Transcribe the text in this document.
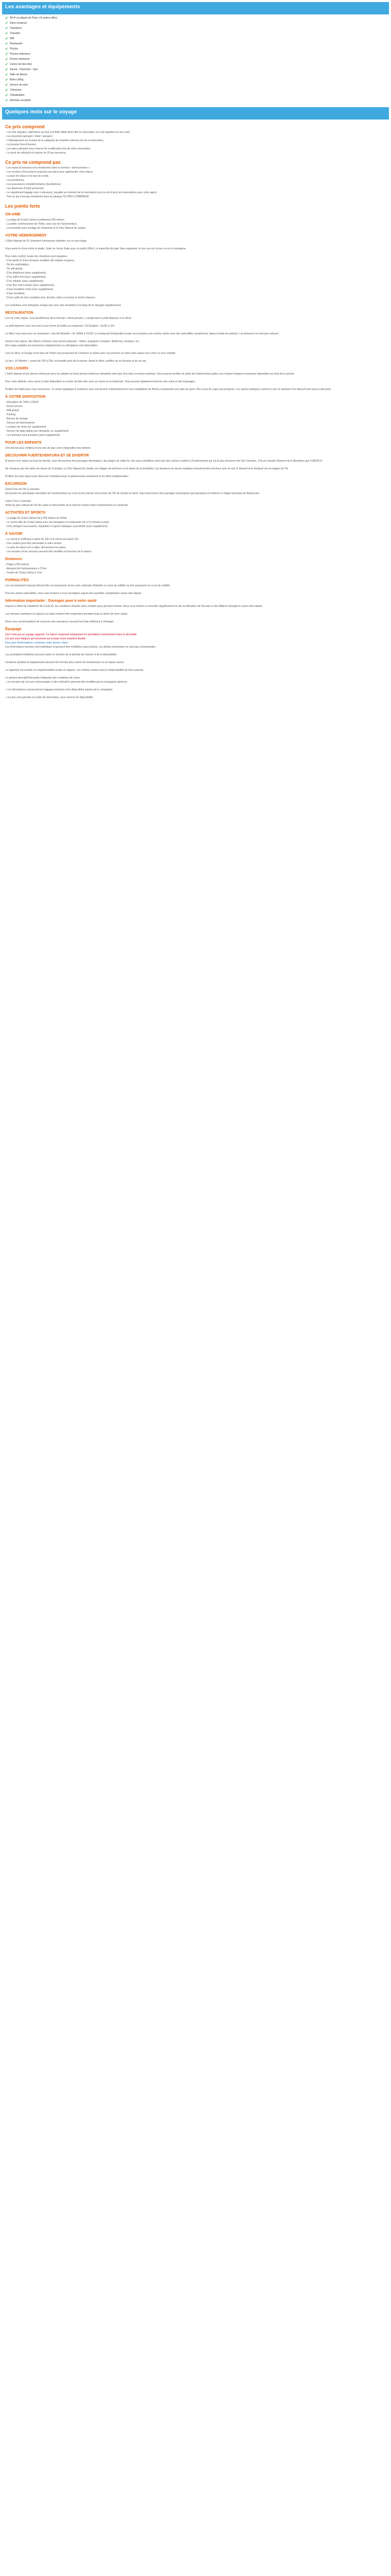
Les avantages et équipements
✔ Wi-Fi au départ de Paris (+5 autres villes)
✔ Dans certaines
✔ Chambres
✔ Transfert
✔ Wifi
✔ Restaurant
✔ Piscine
✔ Piscine extérieure
✔ Piscine intérieure
✔ Centre de bien-être
✔ Sauna - Hammam - Spa
✔ Salle de fitness
✔ Boîte Lifting
✔ Service de pare
✔ Télévision
✔ Climatisation
✔ Animaux acceptés
Quelques mots sur le voyage
Ce prix comprend
- Les vols réguliers, aller/retour au tour (vol A/R) faible direct dès le réservation sur vols réguliers ou low-cost),
- Les transferts aéroport / hôtel / aéroport,
- L'hébergement sur la base de la catégorie de chambre retenue lors de la réservation,
- La formule Demi-Pension,
- Les taxes aéroport sous réserve de modification lors de votre réservation,
- Le stock de rafraîchit et cartons de 20 par personne.
Ce prix ne comprend pas
- Les repas et boissons non mentionnés dans la formule « demi-pension »,
- Les services d'excursions proposés sur place pour agrémenter votre séjour,
- La taxe de séjour et la taxe de sortie,
- Les pourboires,
- Les assurances complémentaires (facultatives),
- Les dépenses d'ordre personnel,
- Le supplément bagage (voir ci-dessous), payable au moment de la réservation pour le vol et pour les réservations avec votre agent,
- Tout ce qui n'est pas mentionné dans la rubrique CE PRIX COMPREND.
Les points forts
ON AIME
- La plage de Costa Calma à seulement 200 mètres.
- La petite carte/souvenir de l'hôtel, sans vue de Fuerteventura.
- La proximité avec la plage de Sotavento et le Parc Natural de Jandía.
VOTRE HÉBERGEMENT
L'hôtel dispose de 51 chambres lumineuses réparties sur un seul étage.
Vous aurez le choix entre le studio, Suite ou Junior Suite avec un jardin (45m²), la superficie de type 'bien organisée' et une vue sur la mer ou sur la montagne.
Pour votre confort, toutes les chambres sont équipées :
- D'un jardin et d'une terrasse meublée (de chaises longues),
- De lits confortables,
- De wifi gratuit,
- D'un téléphone (avec supplément),
- D'un coffre-fort (avec supplément),
- D'un minibar (avec supplément),
- D'un four micro-ondes (avec supplément),
- D'une bouilloire à thé (avec supplément),
- D'une bouilloire,
- D'une salle de bain complète avec douche, bains à remous et sèche-cheveux.
Les chambres sont nettoyées chaque jour avec des serviettes et le linge de lit changés régulièrement.
RESTAURATION
Lors de votre séjour, vous bénéficierez de la formule « demi-pension » comprenant le petit-déjeuner et le dîner.
Le petit-déjeuner vous sera servi sous forme de buffet au restaurant « El Despelo » de 8h à 11h.
Le dîner vous sera servi au restaurant « Isla del Mastruk » de 18h45 à 21h30. Le restaurant d'inspiration locale vous propose une cuisine variée avec des spécialités canariennes, tapas et plats de poisson. Les boissons ne sont pas incluses.
Durant votre séjour, des dîners à thèmes vous seront proposés : Italien, Espagnol, Canarien, Barbecue, mexique, etc...
Des repas adaptés aux personnes végétariennes ou allergiques sont disponibles.
Lors du dîner, le lounge et les bars de l'hôtel vous proposent de continuer la soirée avec vos proches ou entre amis autour d'un verre ou d'un cocktail.
Le bar « El Mirador » ouvert de 10h à 23h, est installé près de la piscine. Avant le dîner, profitez de sa terrasse et de sa vue.
VOS LOISIRS
L'hôtel dispose d'une piscine extérieure pour les adultes et d'une piscine intérieure climatisée ainsi que d'un bain à remous extérieur. Vous pourrez profiter du soleil de Fuerteventura grâce aux chaises longues et parasols disponibles au bord de la piscine.
Pour votre détente, vous aurez à votre disposition un centre de bien-être avec un sauna et un hammam. Vous pourrez également réserver des soins et des massages.
Profitez de l'hôtel pour vous ressourcer : le centre aquatique à l'extérieur avec une piscine à débordement et ses installations de fitness comprenant une salle de sport. Des cours de yoga sont proposés. Les sports nautiques comme le surf, le windsurf et le kitesurf sont aussi à découvrir.
À VOTRE DISPOSITION
- Réception de 7h00 à 23h00
- Room service
- Wifi gratuit
- Parking
- Bureau de change
- Service de blanchisserie
- Location de vélos (en supplément)
- Service de baby-sitting (sur demande, en supplément)
- Les animaux sont acceptés (avec supplément)
POUR LES ENFANTS
Une piscine pour enfants et une aire de jeux sont à disposition des enfants.
DÉCOUVRIR FUERTEVENTURA ET SE DIVERTIR
À travers d'un séjour au bout du monde, vous découvrirez des paysages désertiques, des plages de sable fin, des eaux cristallines ainsi que des cultures variées à Fuerteventura qui est la plus ancienne des îles Canaries. L'île est classée Réserve de la Biosphère par l'UNESCO.
Ne manquez pas de visiter les dunes de Corralejo, Le Parc Naturel de Jandía, les villages de pêcheurs et le phare de la Entallada. Les amateurs de sports nautiques trouveront leur bonheur avec le surf, le kitesurf et le windsurf sur les plages de l'île.
Profitez de votre séjour pour découvrir l'artisanat local, la gastronomie canarienne et les fêtes traditionnelles.
EXCURSION
Grand Tour de l'île (1 journée)
Découvrez les principales merveilles de Fuerteventura au cours d'une journée d'excursion de l'île de Jandía au Nord. Vous traverserez des paysages volcaniques spectaculaires et visiterez le village historique de Betancuria.
Lobos Tour (1 journée)
Visite du parc naturel de l'île de Lobos et découverte de la réserve marine entre Fuerteventura et Lanzarote.
ACTIVITÉS ET SPORTS
- La plage de Costa Calma est à 200 mètres de l'hôtel.
- Le centre-ville de Costa Calma avec ses boutiques et restaurants est à 10 minutes à pied.
- Golf, plongée sous-marine, équitation et sports nautiques à proximité (avec supplément).
À SAVOIR
- Le check-in s'effectue à partir de 14h et le check-out avant 11h.
- Une caution peut être demandée à votre arrivée.
- La taxe de séjour est à régler directement sur place.
- Les horaires et les services peuvent être modifiés en fonction de la saison.
Distances
- Plage à 200 mètres
- Aéroport de Fuerteventura à 70 km
- Centre de Costa Calma à 1 km
FORMALITÉS
Les ressortissants français doivent être en possession d'une carte nationale d'identité en cours de validité ou d'un passeport en cours de validité.
Pour les autres nationalités, nous vous invitons à vous renseigner auprès des autorités compétentes avant votre départ.
Information importante : Ouvragez pour à votre santé
Depuis le début de l'épidémie de Covid-19, les conditions d'entrée dans certains pays peuvent évoluer. Nous vous invitons à consulter régulièrement le site du Ministère de l'Europe et des Affaires étrangères avant votre départ.
Les mesures sanitaires en vigueur sur place doivent être respectées pendant toute la durée de votre séjour.
Nous vous recommandons de souscrire une assurance couvrant les frais médicaux à l'étranger.
Équipage
Ceci n'est pas un voyage organisé. Ce séjour comprend uniquement les prestations mentionnées dans le descriptif.
Les prix sont indiqués par personne sur la base d'une chambre double.
Pour plus d'informations, contactez notre service client.
Les informations fournies sont indicatives et peuvent être modifiées sans préavis. Les photos présentées ne sont pas contractuelles.
Les prestations hôtelières peuvent varier en fonction de la période de l'année et de la disponibilité.
Certaines activités et équipements peuvent être fermés pour raison de maintenance ou en basse saison.
Le logement est soumis à la réglementation locale en vigueur. Les enfants restent sous la responsabilité de leurs parents.
Le présent descriptif fait partie intégrante des conditions de vente.
- Les horaires de vol sont communiqués à titre indicatif et peuvent être modifiés par la compagnie aérienne.
- Les informations concernant les bagages autorisés sont disponibles auprès de la compagnie.
- Les prix sont garantis à la date de réservation, sous réserve de disponibilité.
